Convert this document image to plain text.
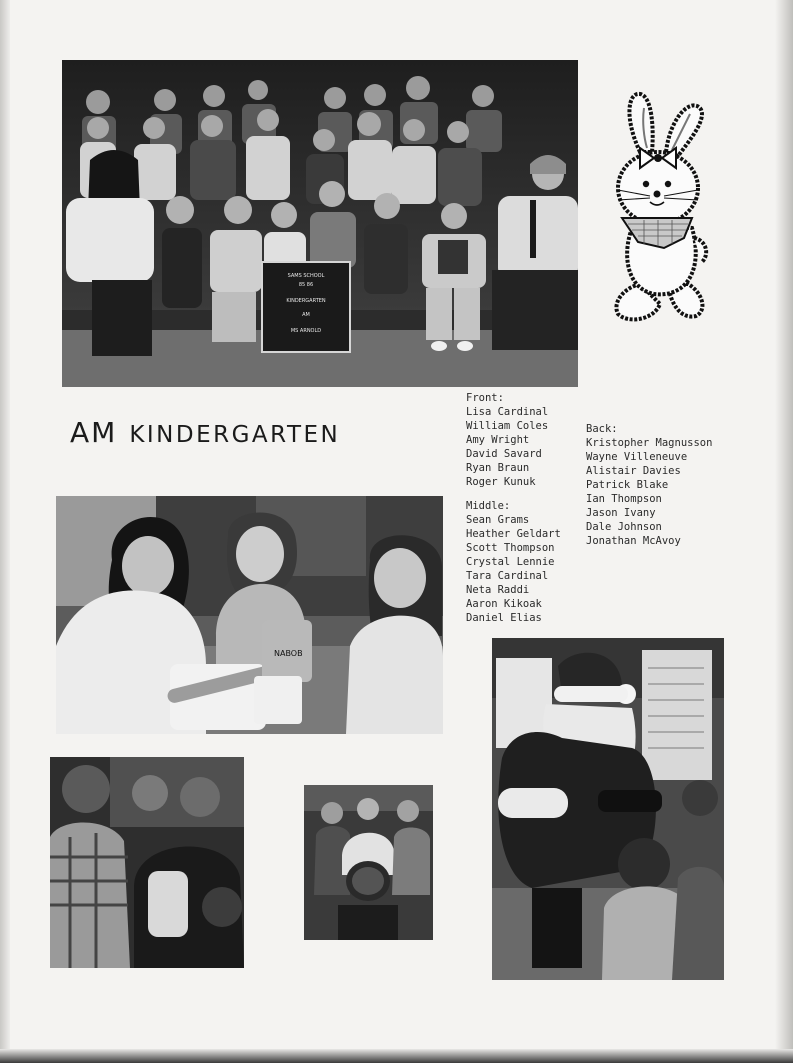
SAMS SCHOOL
85 86
KINDERGARTEN
AM
MS ARNOLD
AM KINDERGARTEN
Front:
Lisa Cardinal
William Coles
Amy Wright
David Savard
Ryan Braun
Roger Kunuk
Middle:
Sean Grams
Heather Geldart
Scott Thompson
Crystal Lennie
Tara Cardinal
Neta Raddi
Aaron Kikoak
Daniel Elias
Back:
Kristopher Magnusson
Wayne Villeneuve
Alistair Davies
Patrick Blake
Ian Thompson
Jason Ivany
Dale Johnson
Jonathan McAvoy
NABOB
